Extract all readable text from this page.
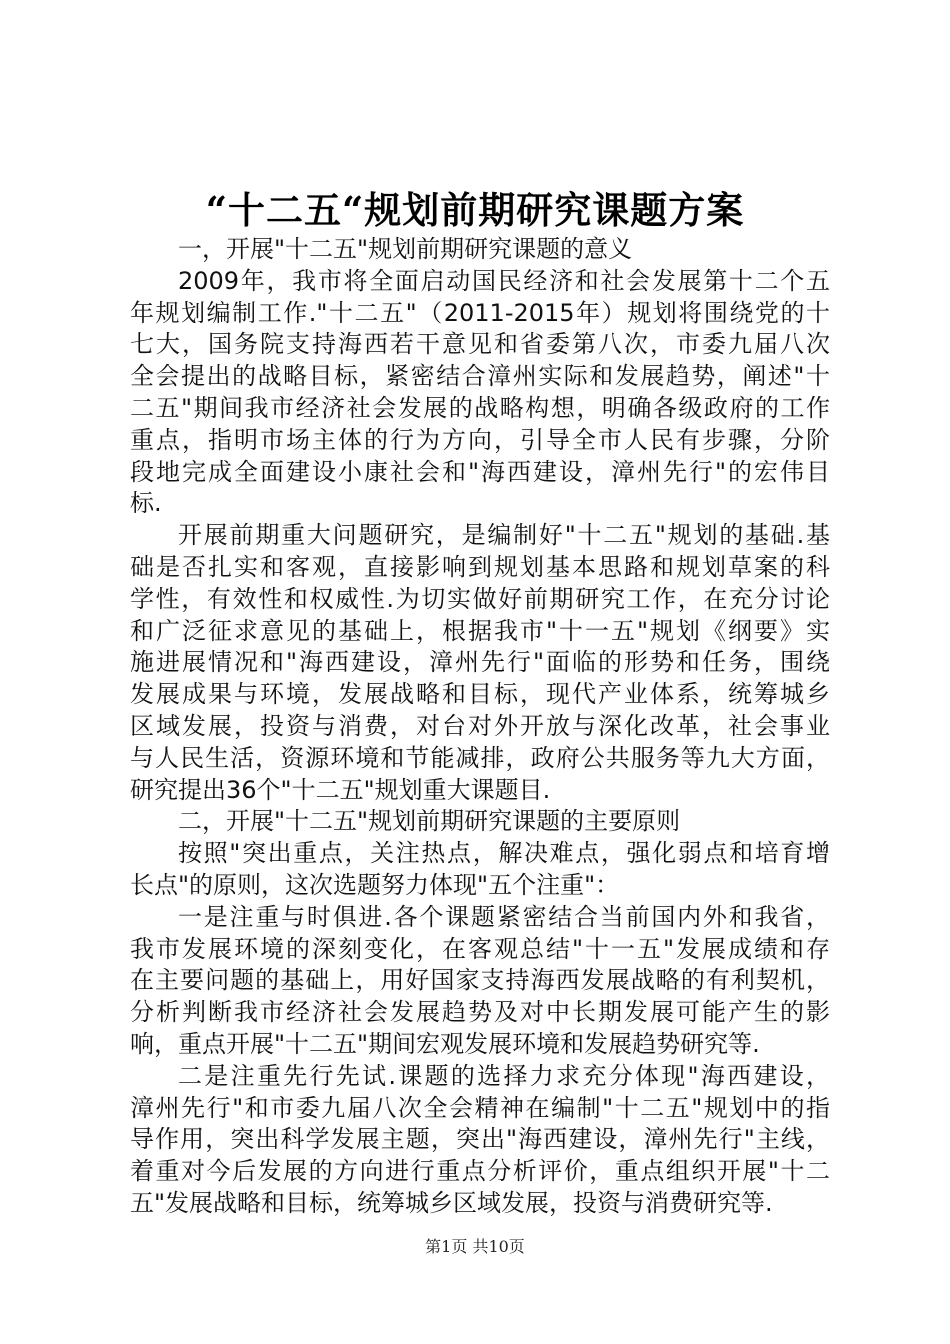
“十二五“规划前期研究课题方案
一，开展"十二五"规划前期研究课题的意义
2009年，我市将全面启动国民经济和社会发展第十二个五
年规划编制工作."十二五"（2011-2015年）规划将围绕党的十
七大，国务院支持海西若干意见和省委第八次，市委九届八次
全会提出的战略目标，紧密结合漳州实际和发展趋势，阐述"十
二五"期间我市经济社会发展的战略构想，明确各级政府的工作
重点，指明市场主体的行为方向，引导全市人民有步骤，分阶
段地完成全面建设小康社会和"海西建设，漳州先行"的宏伟目
标.
开展前期重大问题研究，是编制好"十二五"规划的基础.基
础是否扎实和客观，直接影响到规划基本思路和规划草案的科
学性，有效性和权威性.为切实做好前期研究工作，在充分讨论
和广泛征求意见的基础上，根据我市"十一五"规划《纲要》实
施进展情况和"海西建设，漳州先行"面临的形势和任务，围绕
发展成果与环境，发展战略和目标，现代产业体系，统筹城乡
区域发展，投资与消费，对台对外开放与深化改革，社会事业
与人民生活，资源环境和节能减排，政府公共服务等九大方面，
研究提出36个"十二五"规划重大课题目.
二，开展"十二五"规划前期研究课题的主要原则
按照"突出重点，关注热点，解决难点，强化弱点和培育增
长点"的原则，这次选题努力体现"五个注重"：
一是注重与时俱进.各个课题紧密结合当前国内外和我省，
我市发展环境的深刻变化，在客观总结"十一五"发展成绩和存
在主要问题的基础上，用好国家支持海西发展战略的有利契机，
分析判断我市经济社会发展趋势及对中长期发展可能产生的影
响，重点开展"十二五"期间宏观发展环境和发展趋势研究等.
二是注重先行先试.课题的选择力求充分体现"海西建设，
漳州先行"和市委九届八次全会精神在编制"十二五"规划中的指
导作用，突出科学发展主题，突出"海西建设，漳州先行"主线，
着重对今后发展的方向进行重点分析评价，重点组织开展"十二
五"发展战略和目标，统筹城乡区域发展，投资与消费研究等.
第1页 共10页
